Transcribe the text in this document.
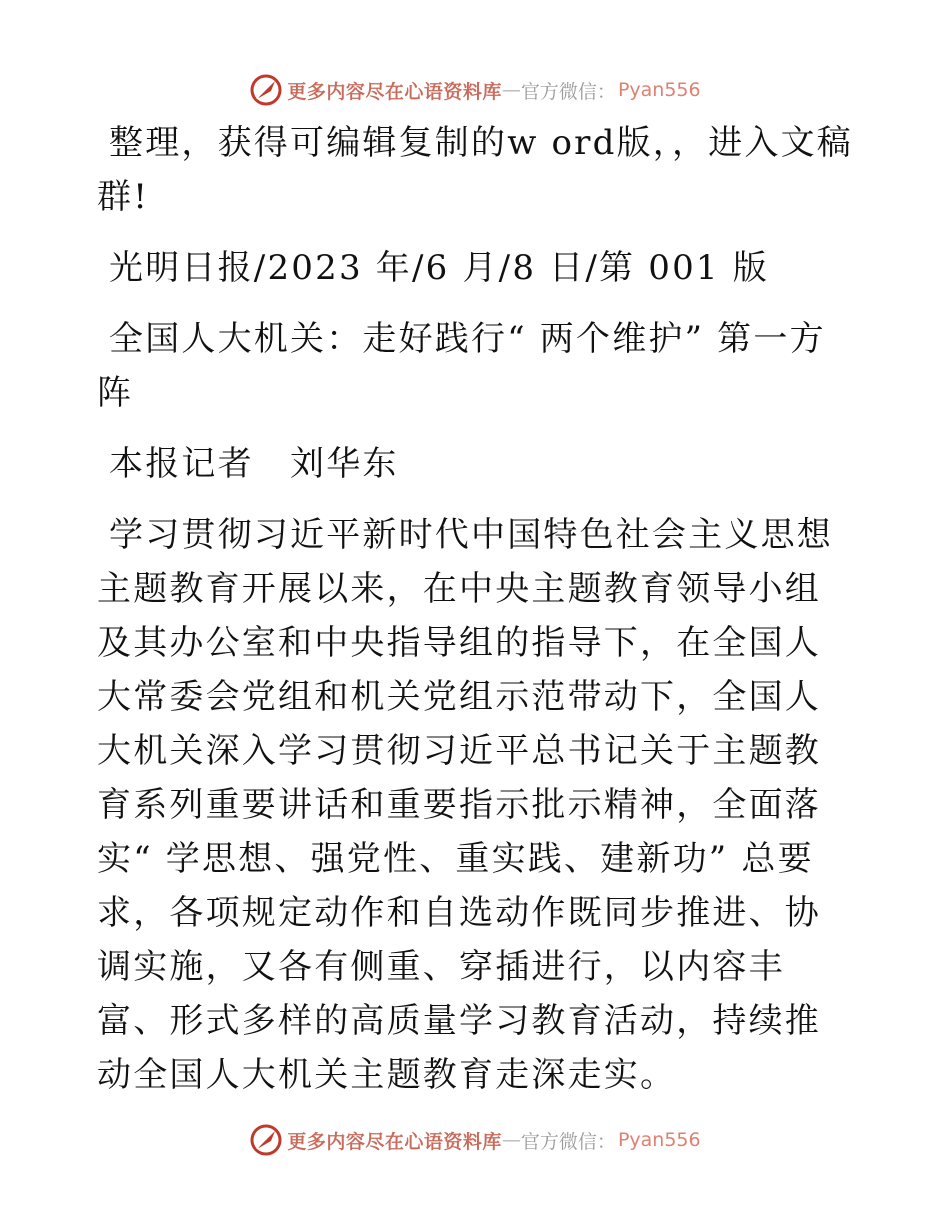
更多内容尽在心语资料库 — 官方微信： Pyan556

整理，获得可编辑复制的w ord版，，进入文稿群!

光明日报/2023 年/6 月/8 日/第 001 版

全国人大机关：走好践行“ 两个维护” 第一方阵

本报记者　刘华东

学习贯彻习近平新时代中国特色社会主义思想主题教育开展以来，在中央主题教育领导小组及其办公室和中央指导组的指导下，在全国人大常委会党组和机关党组示范带动下，全国人大机关深入学习贯彻习近平总书记关于主题教育系列重要讲话和重要指示批示精神，全面落实“ 学思想、强党性、重实践、建新功” 总要求，各项规定动作和自选动作既同步推进、协调实施，又各有侧重、穿插进行，以内容丰富、形式多样的高质量学习教育活动，持续推动全国人大机关主题教育走深走实。

更多内容尽在心语资料库 — 官方微信： Pyan556
